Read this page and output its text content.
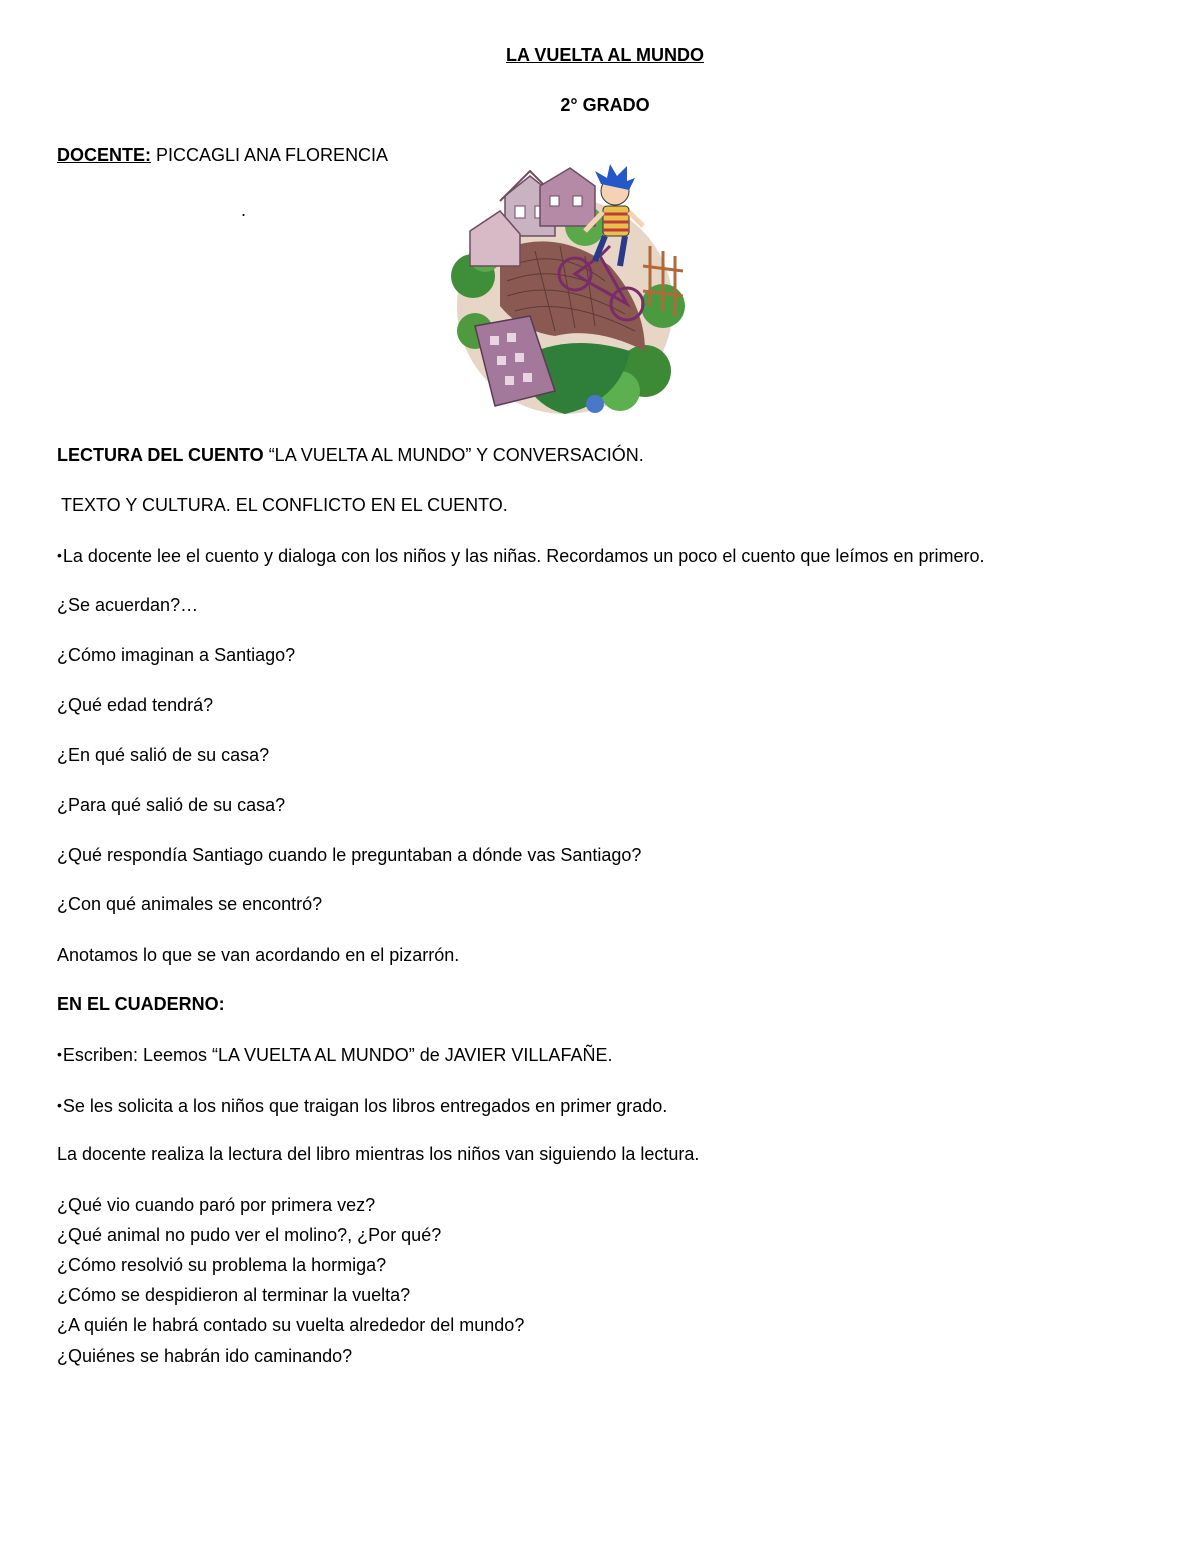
LA VUELTA AL MUNDO
2° GRADO
DOCENTE: PICCAGLI ANA FLORENCIA
.
LECTURA DEL CUENTO “LA VUELTA AL MUNDO” Y CONVERSACIÓN.
TEXTO Y CULTURA. EL CONFLICTO EN EL CUENTO.
•La docente lee el cuento y dialoga con los niños y las niñas. Recordamos un poco el cuento que leímos en primero.
¿Se acuerdan?…
¿Cómo imaginan a Santiago?
¿Qué edad tendrá?
¿En qué salió de su casa?
¿Para qué salió de su casa?
¿Qué respondía Santiago cuando le preguntaban a dónde vas Santiago?
¿Con qué animales se encontró?
Anotamos lo que se van acordando en el pizarrón.
EN EL CUADERNO:
•Escriben: Leemos “LA VUELTA AL MUNDO” de JAVIER VILLAFAÑE.
•Se les solicita a los niños que traigan los libros entregados en primer grado.
La docente realiza la lectura del libro mientras los niños van siguiendo la lectura.
¿Qué vio cuando paró por primera vez?
¿Qué animal no pudo ver el molino?, ¿Por qué?
¿Cómo resolvió su problema la hormiga?
¿Cómo se despidieron al terminar la vuelta?
¿A quién le habrá contado su vuelta alrededor del mundo?
¿Quiénes se habrán ido caminando?
